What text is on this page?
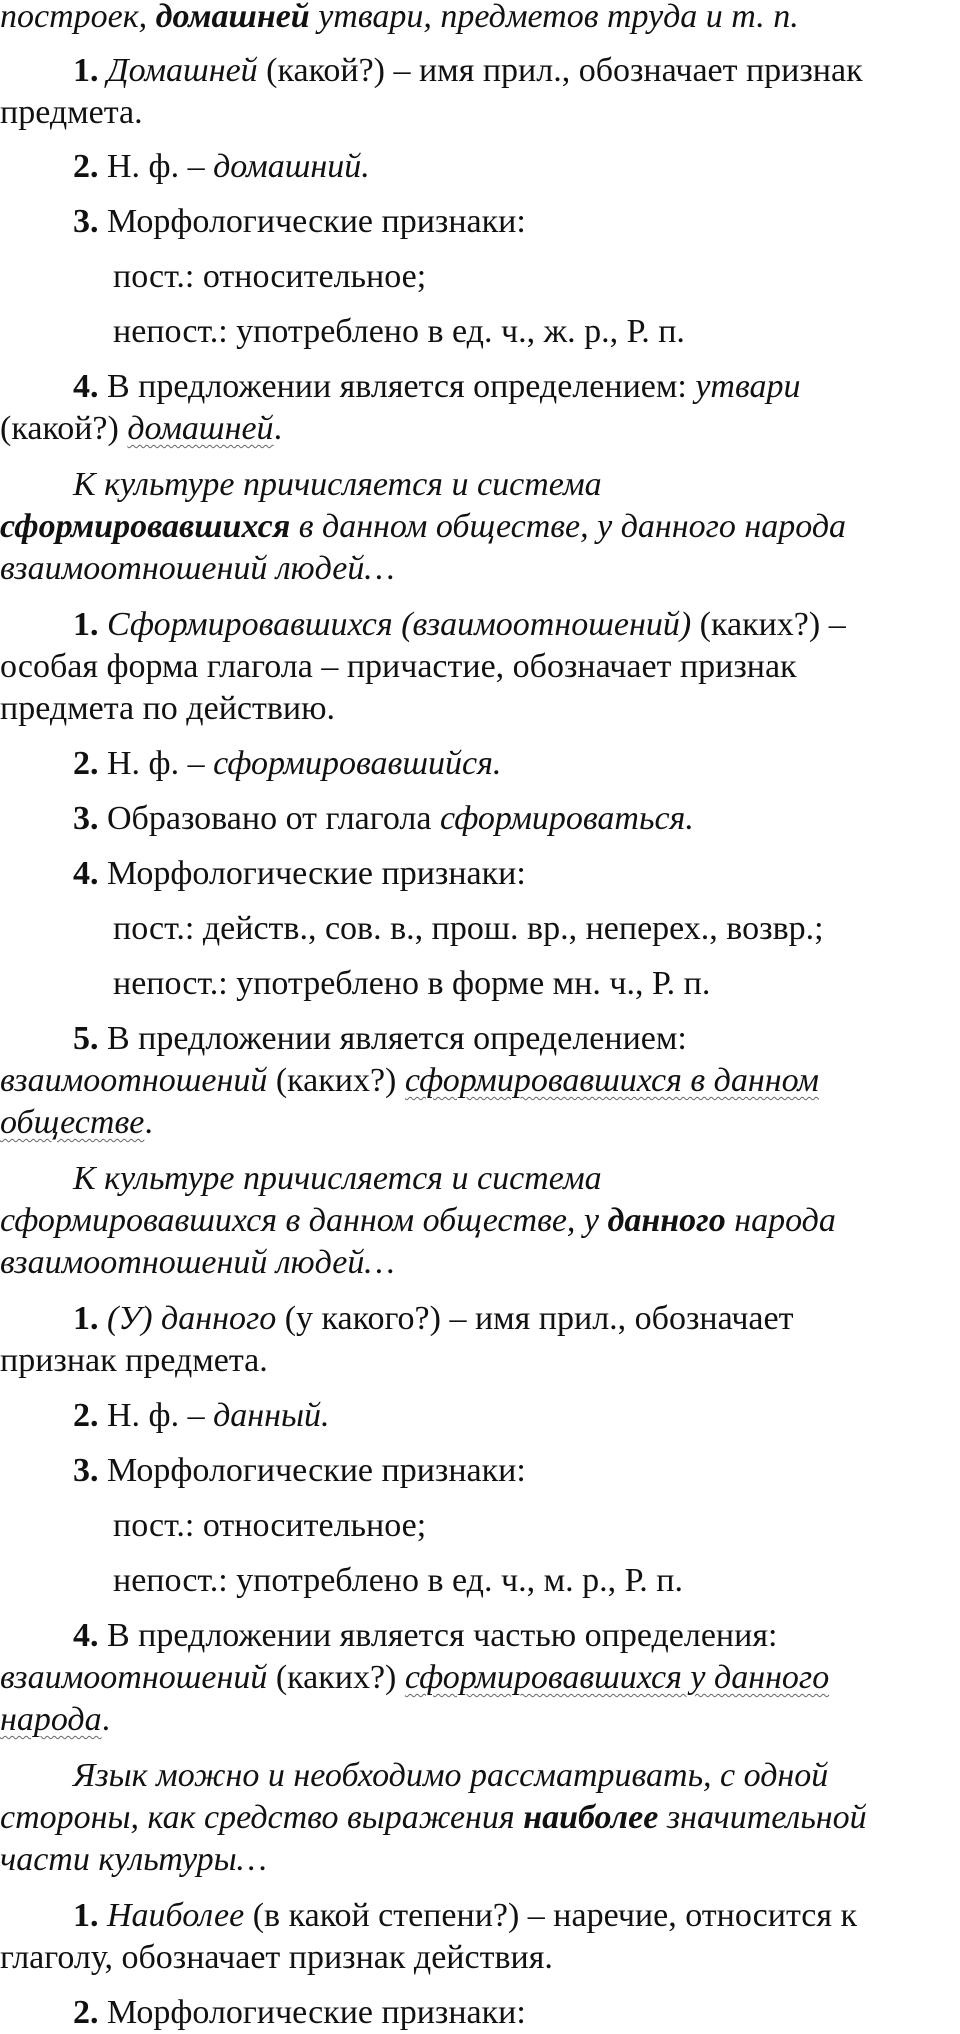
построек, домашней утвари, предметов труда и т. п.
1. Домашней (какой?) – имя прил., обозначает признак
предмета.
2. Н. ф. – домашний.
3. Морфологические признаки:
пост.: относительное;
непост.: употреблено в ед. ч., ж. р., Р. п.
4. В предложении является определением: утвари
(какой?) домашней.
К культуре причисляется и система
сформировавшихся в данном обществе, у данного народа
взаимоотношений людей…
1. Сформировавшихся (взаимоотношений) (каких?) –
особая форма глагола – причастие, обозначает признак
предмета по действию.
2. Н. ф. – сформировавшийся.
3. Образовано от глагола сформироваться.
4. Морфологические признаки:
пост.: действ., сов. в., прош. вр., неперех., возвр.;
непост.: употреблено в форме мн. ч., Р. п.
5. В предложении является определением:
взаимоотношений (каких?) сформировавшихся в данном
обществе.
К культуре причисляется и система
сформировавшихся в данном обществе, у данного народа
взаимоотношений людей…
1. (У) данного (у какого?) – имя прил., обозначает
признак предмета.
2. Н. ф. – данный.
3. Морфологические признаки:
пост.: относительное;
непост.: употреблено в ед. ч., м. р., Р. п.
4. В предложении является частью определения:
взаимоотношений (каких?) сформировавшихся у данного
народа.
Язык можно и необходимо рассматривать, с одной
стороны, как средство выражения наиболее значительной
части культуры…
1. Наиболее (в какой степени?) – наречие, относится к
глаголу, обозначает признак действия.
2. Морфологические признаки:
